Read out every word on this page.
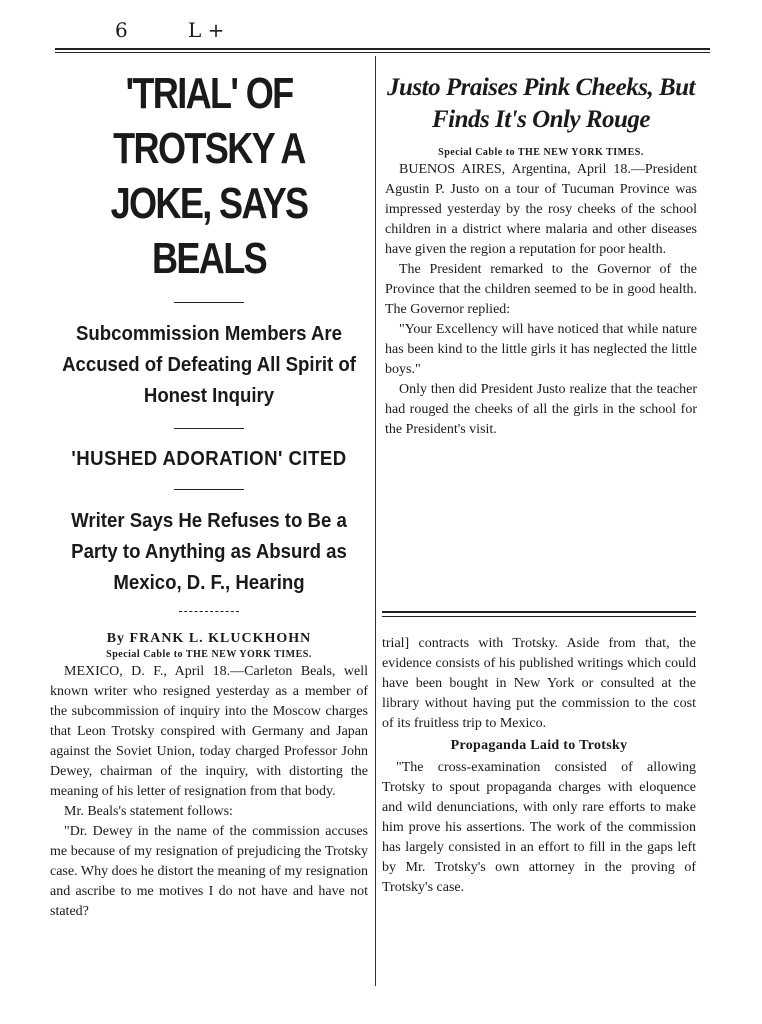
6	L +
'TRIAL' OF TROTSKY A JOKE, SAYS BEALS

Subcommission Members Are Accused of Defeating All Spirit of Honest Inquiry

'HUSHED ADORATION' CITED

Writer Says He Refuses to Be a Party to Anything as Absurd as Mexico, D. F., Hearing

By FRANK L. KLUCKHOHN
Special Cable to THE NEW YORK TIMES.

MEXICO, D. F., April 18.—Carleton Beals, well known writer who resigned yesterday as a member of the subcommission of inquiry into the Moscow charges that Leon Trotsky conspired with Germany and Japan against the Soviet Union, today charged Professor John Dewey, chairman of the inquiry, with distorting the meaning of his letter of resignation from that body.

Mr. Beals's statement follows:

"Dr. Dewey in the name of the commission accuses me because of my resignation of prejudicing the Trotsky case. Why does he distort the meaning of my resignation and ascribe to me motives I do not have and have not stated?

Justo Praises Pink Cheeks, But Finds It's Only Rouge
Special Cable to THE NEW YORK TIMES.

BUENOS AIRES, Argentina, April 18.—President Agustin P. Justo on a tour of Tucuman Province was impressed yesterday by the rosy cheeks of the school children in a district where malaria and other diseases have given the region a reputation for poor health.

The President remarked to the Governor of the Province that the children seemed to be in good health. The Governor replied:

"Your Excellency will have noticed that while nature has been kind to the little girls it has neglected the little boys."

Only then did President Justo realize that the teacher had rouged the cheeks of all the girls in the school for the President's visit.

trial] contracts with Trotsky. Aside from that, the evidence consists of his published writings which could have been bought in New York or consulted at the library without having put the commission to the cost of its fruitless trip to Mexico.

Propaganda Laid to Trotsky

"The cross-examination consisted of allowing Trotsky to spout propaganda charges with eloquence and wild denunciations, with only rare efforts to make him prove his assertions. The work of the commission has largely consisted in an effort to fill in the gaps left by Mr. Trotsky's own attorney in the proving of Trotsky's case.
